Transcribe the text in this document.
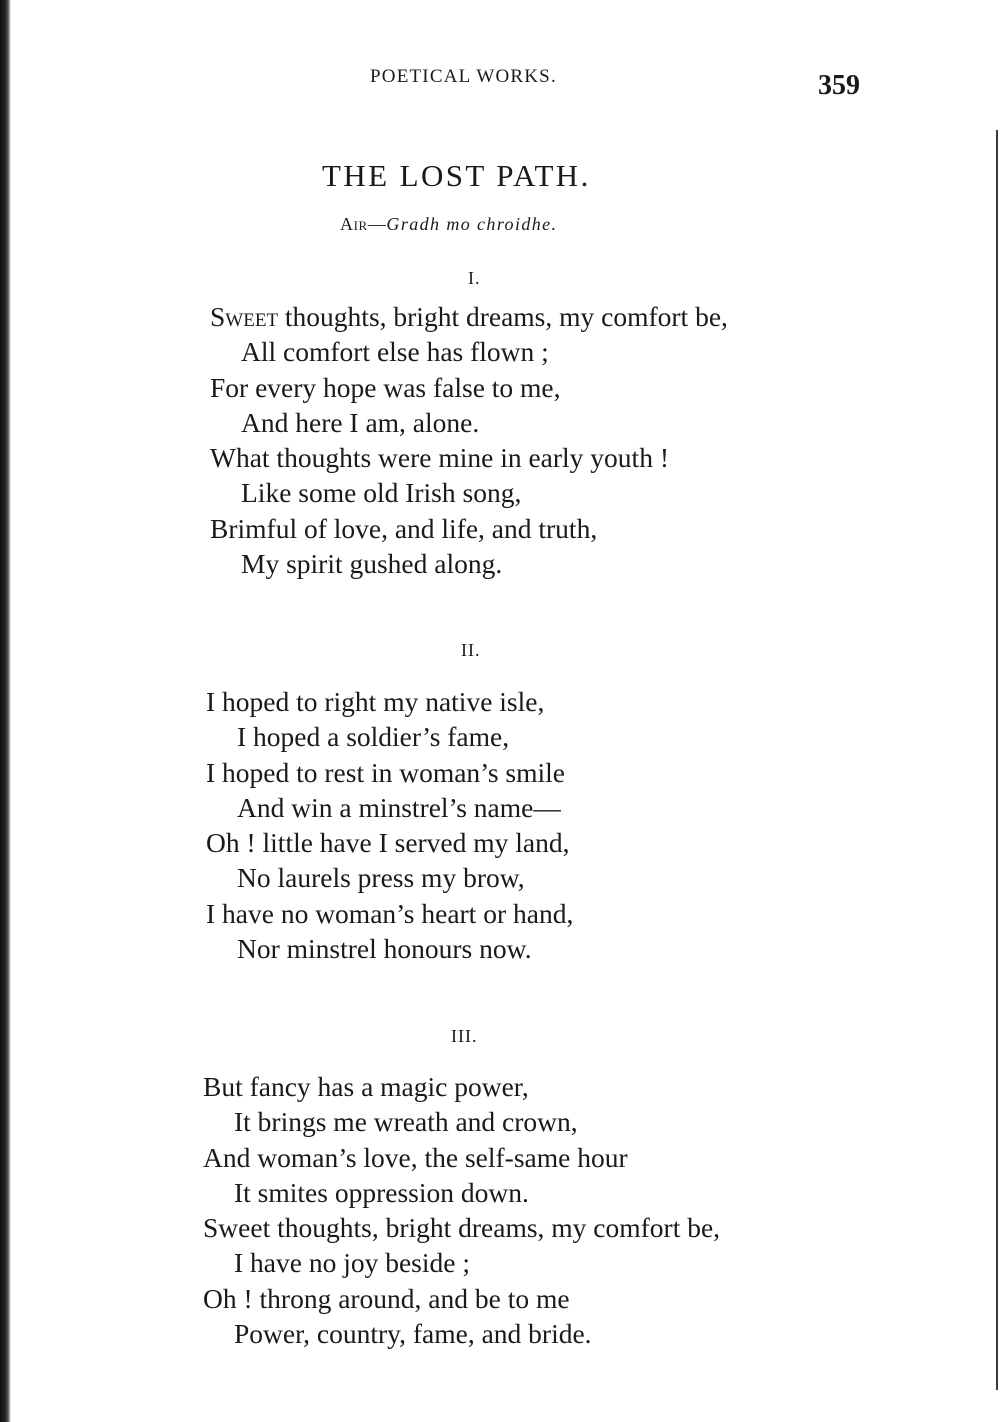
POETICAL WORKS.	359
THE LOST PATH.
Air—Gradh mo chroidhe.
I.
Sweet thoughts, bright dreams, my comfort be,
All comfort else has flown ;
For every hope was false to me,
And here I am, alone.
What thoughts were mine in early youth !
Like some old Irish song,
Brimful of love, and life, and truth,
My spirit gushed along.
II.
I hoped to right my native isle,
I hoped a soldier’s fame,
I hoped to rest in woman’s smile
And win a minstrel’s name—
Oh ! little have I served my land,
No laurels press my brow,
I have no woman’s heart or hand,
Nor minstrel honours now.
III.
But fancy has a magic power,
It brings me wreath and crown,
And woman’s love, the self-same hour
It smites oppression down.
Sweet thoughts, bright dreams, my comfort be,
I have no joy beside ;
Oh ! throng around, and be to me
Power, country, fame, and bride.
